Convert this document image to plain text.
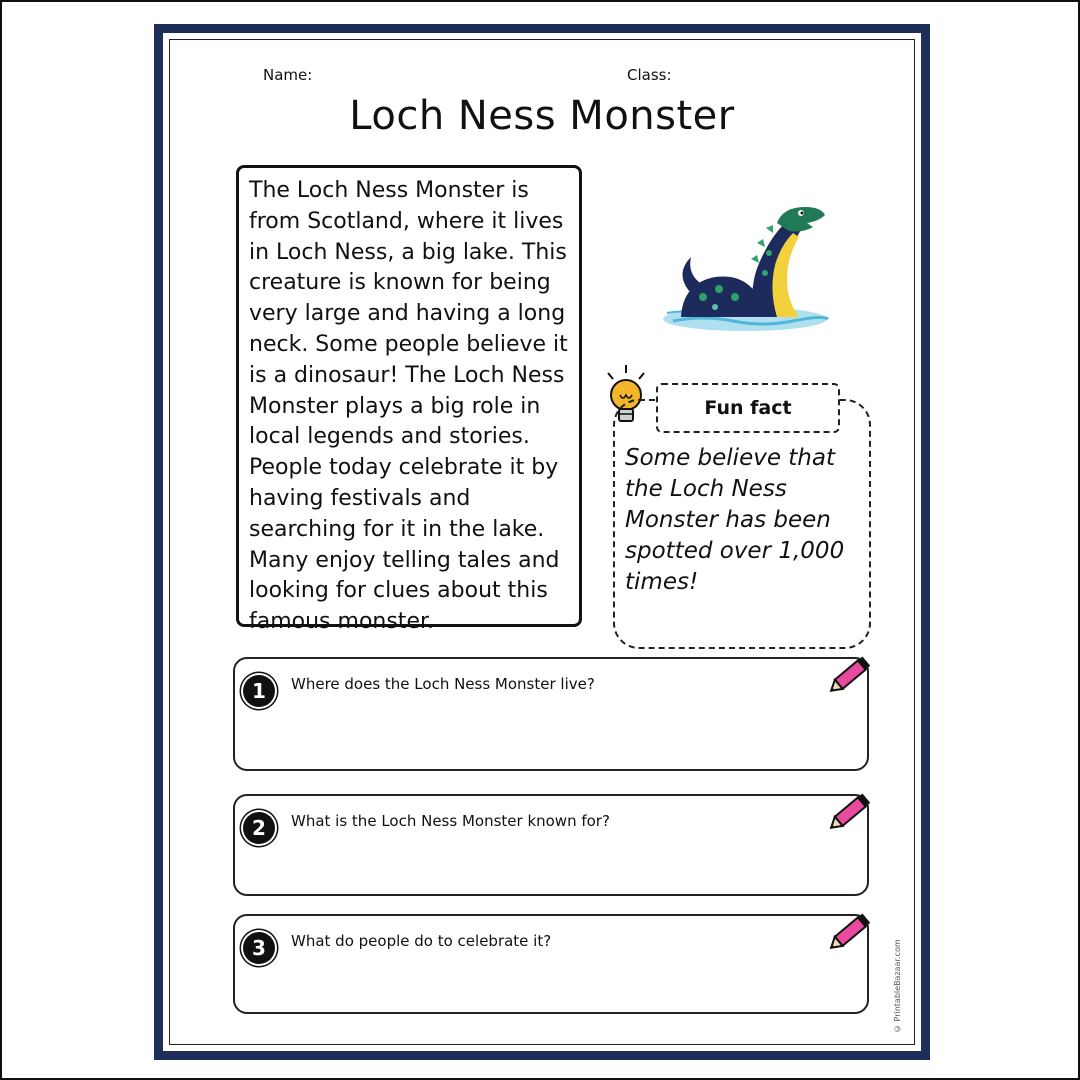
Name:	Class:
Loch Ness Monster
The Loch Ness Monster is from Scotland, where it lives in Loch Ness, a big lake. This creature is known for being very large and having a long neck. Some people believe it is a dinosaur! The Loch Ness Monster plays a big role in local legends and stories. People today celebrate it by having festivals and searching for it in the lake. Many enjoy telling tales and looking for clues about this famous monster.
Fun fact
Some believe that the Loch Ness Monster has been spotted over 1,000 times!
1	Where does the Loch Ness Monster live?
2	What is the Loch Ness Monster known for?
3	What do people do to celebrate it?	© PrintableBazaar.com
